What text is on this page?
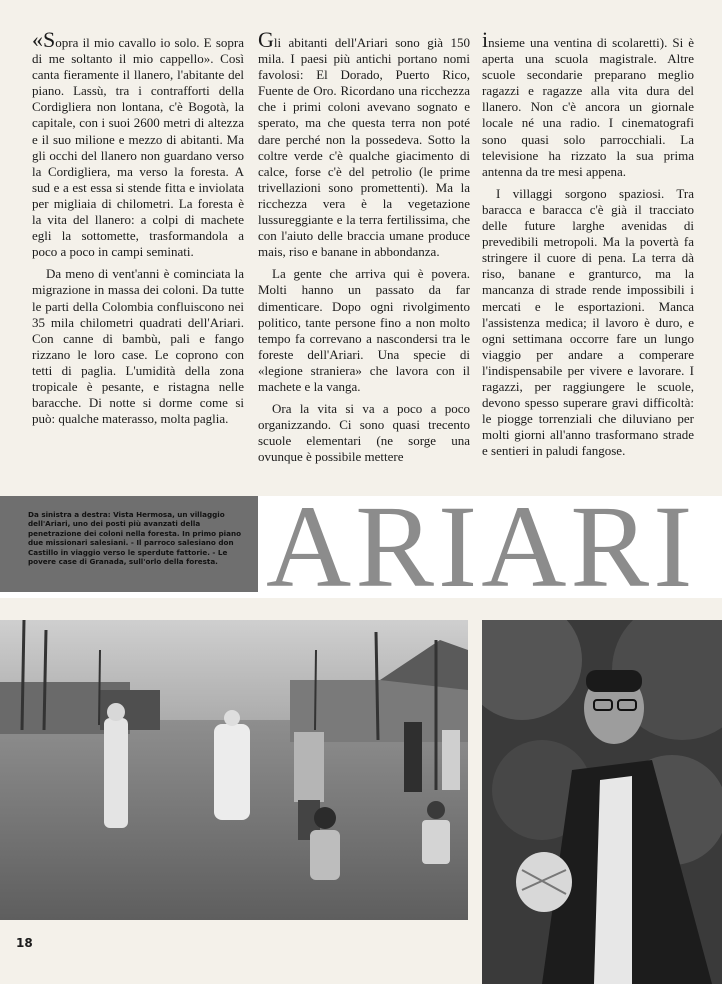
«Sopra il mio cavallo io solo. E sopra di me soltanto il mio cappello». Così canta fieramente il llanero, l'abitante del piano. Lassù, tra i contrafforti della Cordigliera non lontana, c'è Bogotà, la capitale, con i suoi 2600 metri di altezza e il suo milione e mezzo di abitanti. Ma gli occhi del llanero non guardano verso la Cordigliera, ma verso la foresta. A sud e a est essa si stende fitta e inviolata per migliaia di chilometri. La foresta è la vita del llanero: a colpi di machete egli la sottomette, trasformandola a poco a poco in campi seminati.

Da meno di vent'anni è cominciata la migrazione in massa dei coloni. Da tutte le parti della Colombia confluiscono nei 35 mila chilometri quadrati dell'Ariari. Con canne di bambù, pali e fango rizzano le loro case. Le coprono con tetti di paglia. L'umidità della zona tropicale è pesante, e ristagna nelle baracche. Di notte si dorme come si può: qualche materasso, molta paglia.

Gli abitanti dell'Ariari sono già 150 mila. I paesi più antichi portano nomi favolosi: El Dorado, Puerto Rico, Fuente de Oro. Ricordano una ricchezza che i primi coloni avevano sognato e sperato, ma che questa terra non poté dare perché non la possedeva. Sotto la coltre verde c'è qualche giacimento di calce, forse c'è del petrolio (le prime trivellazioni sono promettenti). Ma la ricchezza vera è la vegetazione lussureggiante e la terra fertilissima, che con l'aiuto delle braccia umane produce mais, riso e banane in abbondanza.

La gente che arriva qui è povera. Molti hanno un passato da far dimenticare. Dopo ogni rivolgimento politico, tante persone fino a non molto tempo fa correvano a nascondersi tra le foreste dell'Ariari. Una specie di «legione straniera» che lavora con il machete e la vanga.

Ora la vita si va a poco a poco organizzando. Ci sono quasi trecento scuole elementari (ne sorge una ovunque è possibile mettere

insieme una ventina di scolaretti). Si è aperta una scuola magistrale. Altre scuole secondarie preparano meglio ragazzi e ragazze alla vita dura del llanero. Non c'è ancora un giornale locale né una radio. I cinematografi sono quasi solo parrocchiali. La televisione ha rizzato la sua prima antenna da tre mesi appena.

I villaggi sorgono spaziosi. Tra baracca e baracca c'è già il tracciato delle future larghe avenidas di prevedibili metropoli. Ma la povertà fa stringere il cuore di pena. La terra dà riso, banane e granturco, ma la mancanza di strade rende impossibili i mercati e le esportazioni. Manca l'assistenza medica; il lavoro è duro, e ogni settimana occorre fare un lungo viaggio per andare a comperare l'indispensabile per vivere e lavorare. I ragazzi, per raggiungere le scuole, devono spesso superare gravi difficoltà: le piogge torrenziali che diluviano per molti giorni all'anno trasformano strade e sentieri in paludi fangose.

Da sinistra a destra: Vista Hermosa, un villaggio dell'Ariari, uno dei posti più avanzati della penetrazione dei coloni nella foresta. In primo piano due missionari salesiani. - Il parroco salesiano don Castillo in viaggio verso le sperdute fattorie. - Le povere case di Granada, sull'orlo della foresta. ARIARI
18
